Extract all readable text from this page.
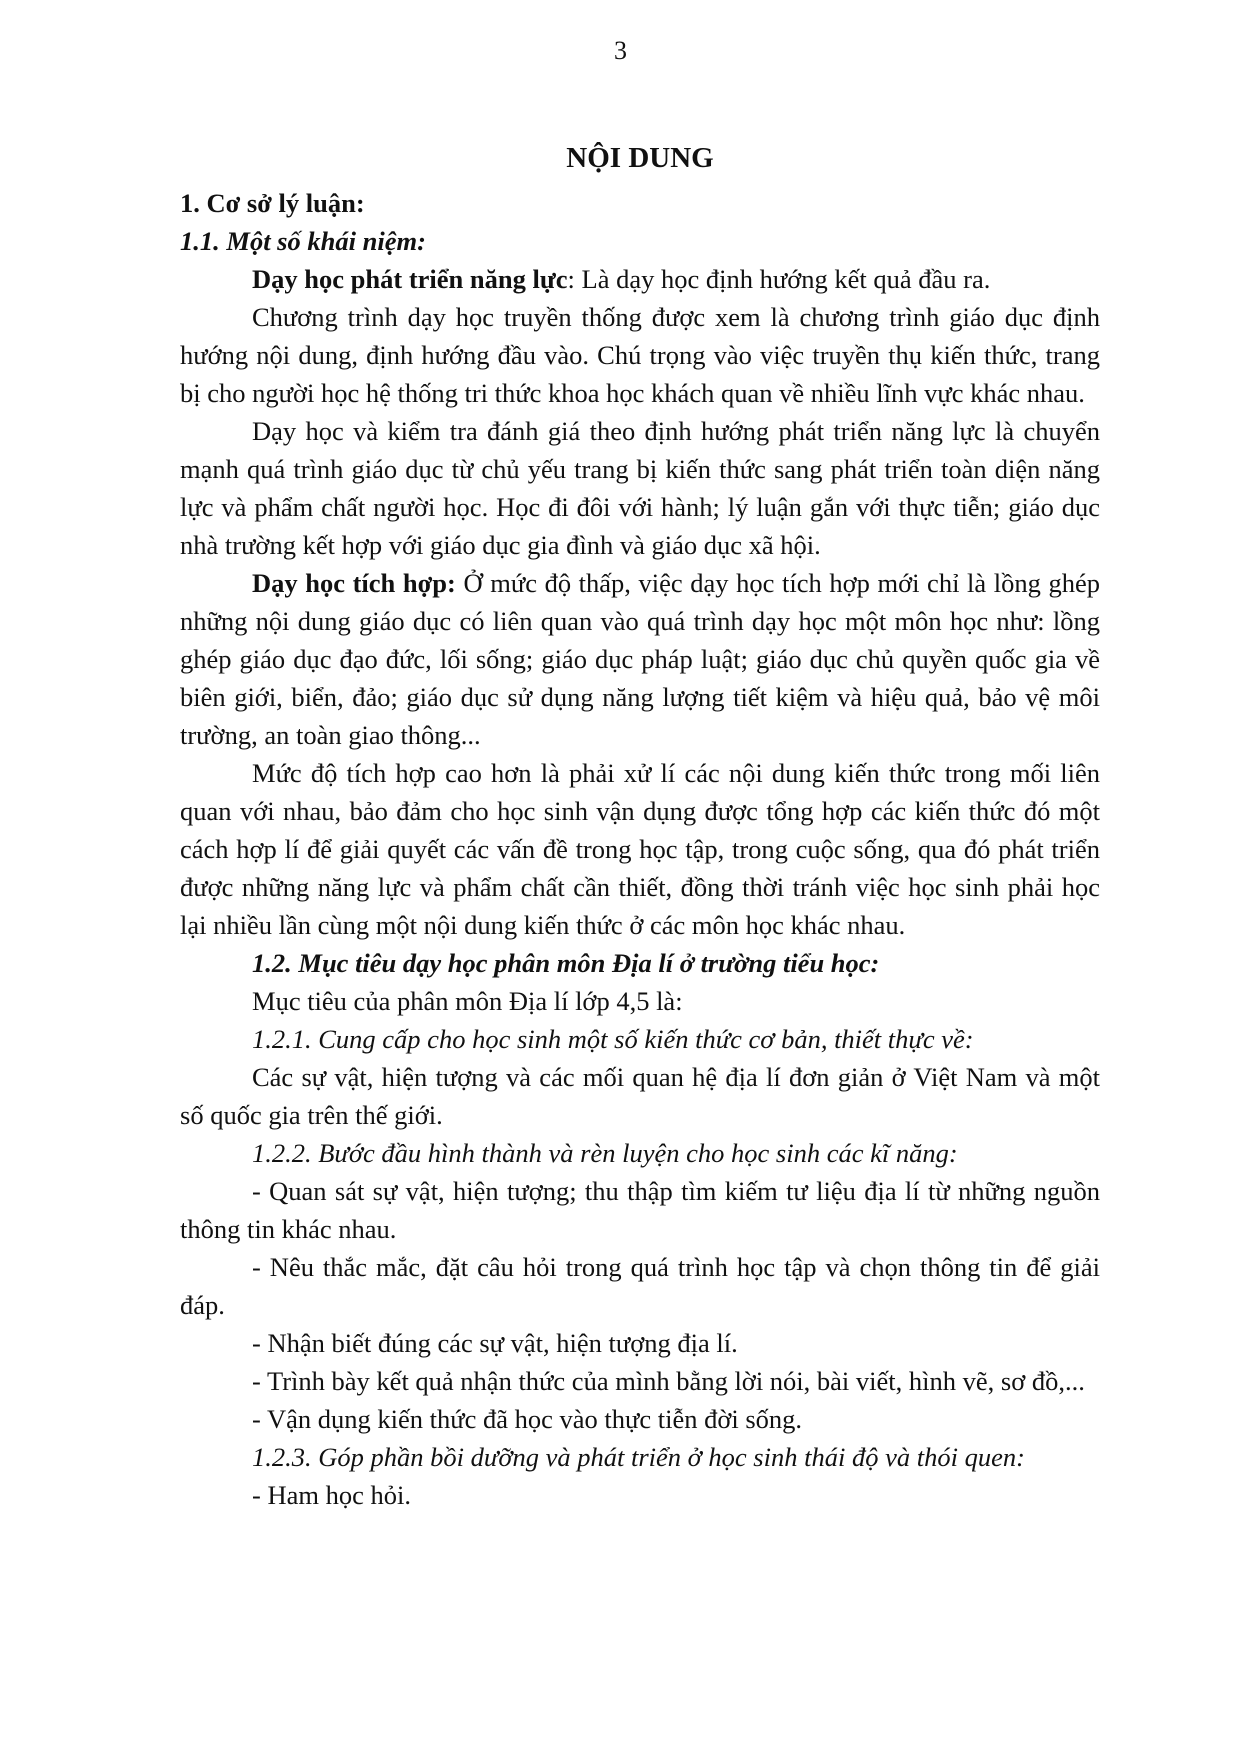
3
NỘI DUNG

1. Cơ sở lý luận:

1.1. Một số khái niệm:

Dạy học phát triển năng lực: Là dạy học định hướng kết quả đầu ra.

Chương trình dạy học truyền thống được xem là chương trình giáo dục định hướng nội dung, định hướng đầu vào. Chú trọng vào việc truyền thụ kiến thức, trang bị cho người học hệ thống tri thức khoa học khách quan về nhiều lĩnh vực khác nhau.

Dạy học và kiểm tra đánh giá theo định hướng phát triển năng lực là chuyển mạnh quá trình giáo dục từ chủ yếu trang bị kiến thức sang phát triển toàn diện năng lực và phẩm chất người học. Học đi đôi với hành; lý luận gắn với thực tiễn; giáo dục nhà trường kết hợp với giáo dục gia đình và giáo dục xã hội.

Dạy học tích hợp: Ở mức độ thấp, việc dạy học tích hợp mới chỉ là lồng ghép những nội dung giáo dục có liên quan vào quá trình dạy học một môn học như: lồng ghép giáo dục đạo đức, lối sống; giáo dục pháp luật; giáo dục chủ quyền quốc gia về biên giới, biển, đảo; giáo dục sử dụng năng lượng tiết kiệm và hiệu quả, bảo vệ môi trường, an toàn giao thông...

Mức độ tích hợp cao hơn là phải xử lí các nội dung kiến thức trong mối liên quan với nhau, bảo đảm cho học sinh vận dụng được tổng hợp các kiến thức đó một cách hợp lí để giải quyết các vấn đề trong học tập, trong cuộc sống, qua đó phát triển được những năng lực và phẩm chất cần thiết, đồng thời tránh việc học sinh phải học lại nhiều lần cùng một nội dung kiến thức ở các môn học khác nhau.

1.2. Mục tiêu dạy học phân môn Địa lí ở trường tiểu học:

Mục tiêu của phân môn Địa lí lớp 4,5 là:

1.2.1. Cung cấp cho học sinh một số kiến thức cơ bản, thiết thực về:

Các sự vật, hiện tượng và các mối quan hệ địa lí đơn giản ở Việt Nam và một số quốc gia trên thế giới.

1.2.2. Bước đầu hình thành và rèn luyện cho học sinh các kĩ năng:

- Quan sát sự vật, hiện tượng; thu thập tìm kiếm tư liệu địa lí từ những nguồn thông tin khác nhau.

- Nêu thắc mắc, đặt câu hỏi trong quá trình học tập và chọn thông tin để giải đáp.

- Nhận biết đúng các sự vật, hiện tượng địa lí.

- Trình bày kết quả nhận thức của mình bằng lời nói, bài viết, hình vẽ, sơ đồ,...

- Vận dụng kiến thức đã học vào thực tiễn đời sống.

1.2.3. Góp phần bồi dưỡng và phát triển ở học sinh thái độ và thói quen:

- Ham học hỏi.
